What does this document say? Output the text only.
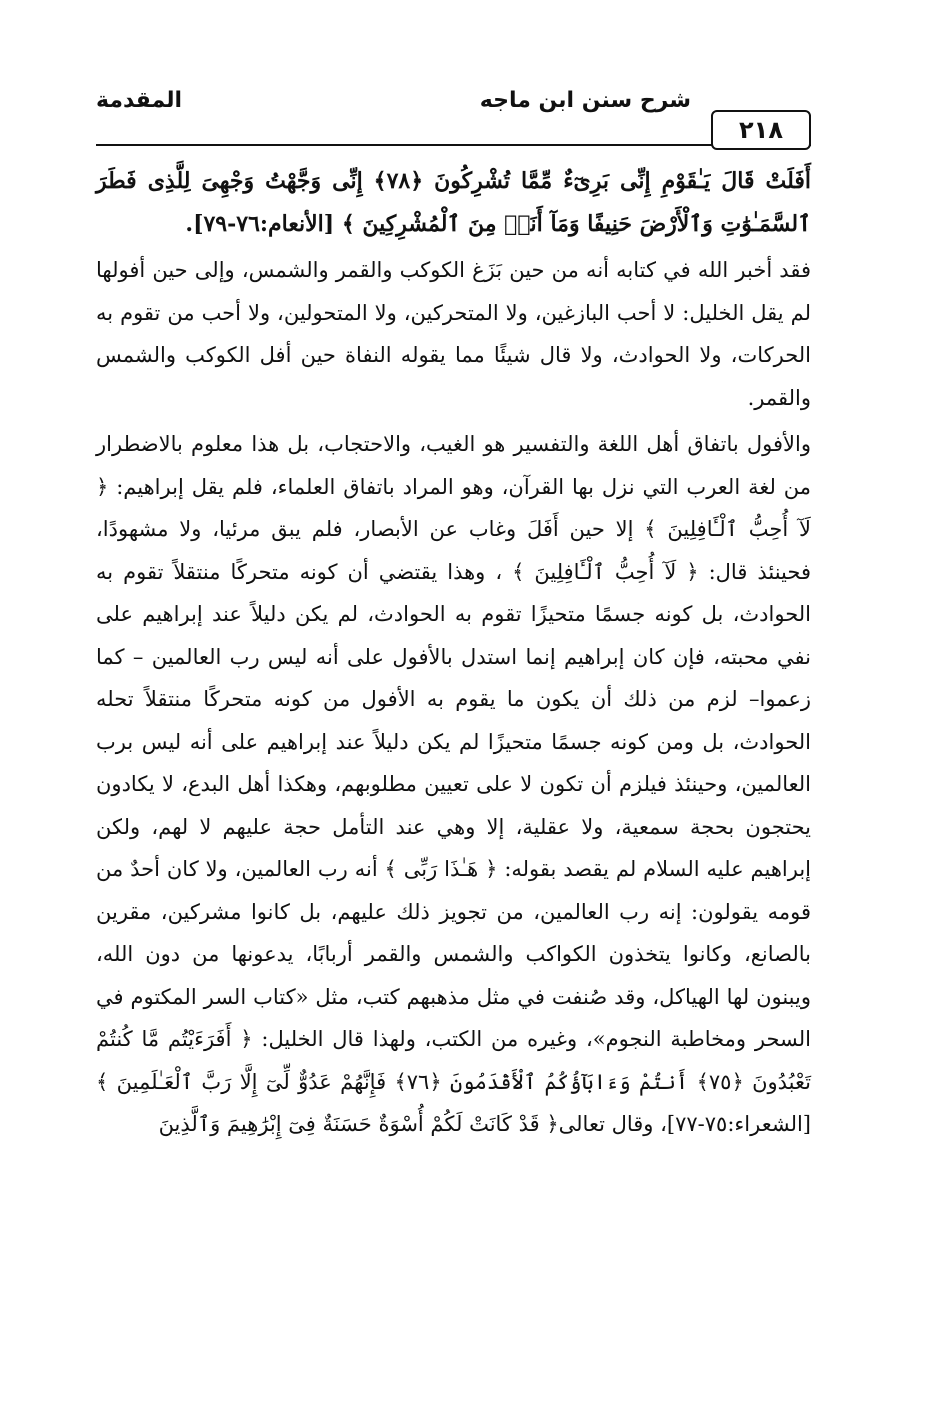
٢١٨
شرح سنن ابن ماجه
المقدمة

أَفَلَتْ قَالَ يَـٰقَوْمِ إِنِّى بَرِىٓءٌ مِّمَّا تُشْرِكُونَ ﴿٧٨﴾ إِنِّى وَجَّهْتُ وَجْهِىَ لِلَّذِى فَطَرَ ٱلسَّمَـٰوَٰتِ وَٱلْأَرْضَ حَنِيفًا وَمَآ أَنَا۠ مِنَ ٱلْمُشْرِكِينَ ﴾ [الأنعام:٧٦-٧٩].

فقد أخبر الله في كتابه أنه من حين بَزَغ الكوكب والقمر والشمس، وإلى حين أفولها لم يقل الخليل: لا أحب البازغين، ولا المتحركين، ولا المتحولين، ولا أحب من تقوم به الحركات، ولا الحوادث، ولا قال شيئًا مما يقوله النفاة حين أفل الكوكب والشمس والقمر.

والأفول باتفاق أهل اللغة والتفسير هو الغيب، والاحتجاب، بل هذا معلوم بالاضطرار من لغة العرب التي نزل بها القرآن، وهو المراد باتفاق العلماء، فلم يقل إبراهيم: ﴿ لَآ أُحِبُّ ٱلْـَٔافِلِينَ ﴾ إلا حين أَفَلَ وغاب عن الأبصار، فلم يبق مرئيا، ولا مشهودًا، فحينئذ قال: ﴿ لَآ أُحِبُّ ٱلْـَٔافِلِينَ ﴾ ، وهذا يقتضي أن كونه متحركًا منتقلاً تقوم به الحوادث، بل كونه جسمًا متحيزًا تقوم به الحوادث، لم يكن دليلاً عند إبراهيم على نفي محبته، فإن كان إبراهيم إنما استدل بالأفول على أنه ليس رب العالمين – كما زعموا– لزم من ذلك أن يكون ما يقوم به الأفول من كونه متحركًا منتقلاً تحله الحوادث، بل ومن كونه جسمًا متحيزًا لم يكن دليلاً عند إبراهيم على أنه ليس برب العالمين، وحينئذ فيلزم أن تكون لا على تعيين مطلوبهم، وهكذا أهل البدع، لا يكادون يحتجون بحجة سمعية، ولا عقلية، إلا وهي عند التأمل حجة عليهم لا لهم، ولكن إبراهيم عليه السلام لم يقصد بقوله: ﴿ هَـٰذَا رَبِّى ﴾ أنه رب العالمين، ولا كان أحدٌ من قومه يقولون: إنه رب العالمين، من تجويز ذلك عليهم، بل كانوا مشركين، مقرين بالصانع، وكانوا يتخذون الكواكب والشمس والقمر أربابًا، يدعونها من دون الله، ويبنون لها الهياكل، وقد صُنفت في مثل مذهبهم كتب، مثل «كتاب السر المكتوم في السحر ومخاطبة النجوم»، وغيره من الكتب، ولهذا قال الخليل: ﴿ أَفَرَءَيْتُم مَّا كُنتُمْ تَعْبُدُونَ ﴿٧٥﴾ أَنتُمْ وَءَابَآؤُكُمُ ٱلْأَقْدَمُونَ ﴿٧٦﴾ فَإِنَّهُمْ عَدُوٌّ لِّىٓ إِلَّا رَبَّ ٱلْعَـٰلَمِينَ ﴾ [الشعراء:٧٥-٧٧]، وقال تعالى﴿ قَدْ كَانَتْ لَكُمْ أُسْوَةٌ حَسَنَةٌ فِىٓ إِبْرَٰهِيمَ وَٱلَّذِينَ
